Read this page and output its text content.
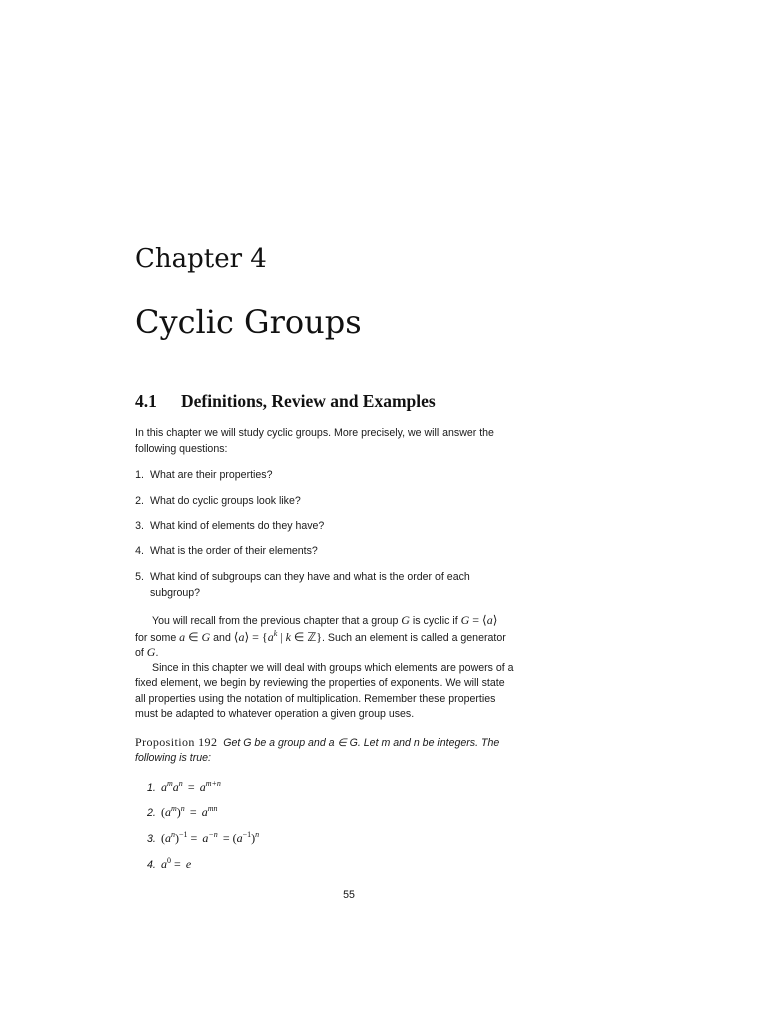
Chapter 4
Cyclic Groups
4.1 Definitions, Review and Examples
In this chapter we will study cyclic groups. More precisely, we will answer the
following questions:
1. What are their properties?
2. What do cyclic groups look like?
3. What kind of elements do they have?
4. What is the order of their elements?
5. What kind of subgroups can they have and what is the order of each
subgroup?
You will recall from the previous chapter that a group G is cyclic if G = ⟨a⟩
for some a ∈ G and ⟨a⟩ = {$a^k$ | k ∈ ℤ}. Such an element is called a generator
of G.
Since in this chapter we will deal with groups which elements are powers of a
fixed element, we begin by reviewing the properties of exponents. We will state
all properties using the notation of multiplication. Remember these properties
must be adapted to whatever operation a given group uses.
Proposition 192 Get G be a group and a ∈ G. Let m and n be integers. The
following is true:
1. $a^ma^n = a^{m+n}$
2. $(a^m)^n = a^{mn}$
3. $(a^n)^{-1} = a^{-n} = (a^{-1})^n$
4. $a^0 = e$
55
